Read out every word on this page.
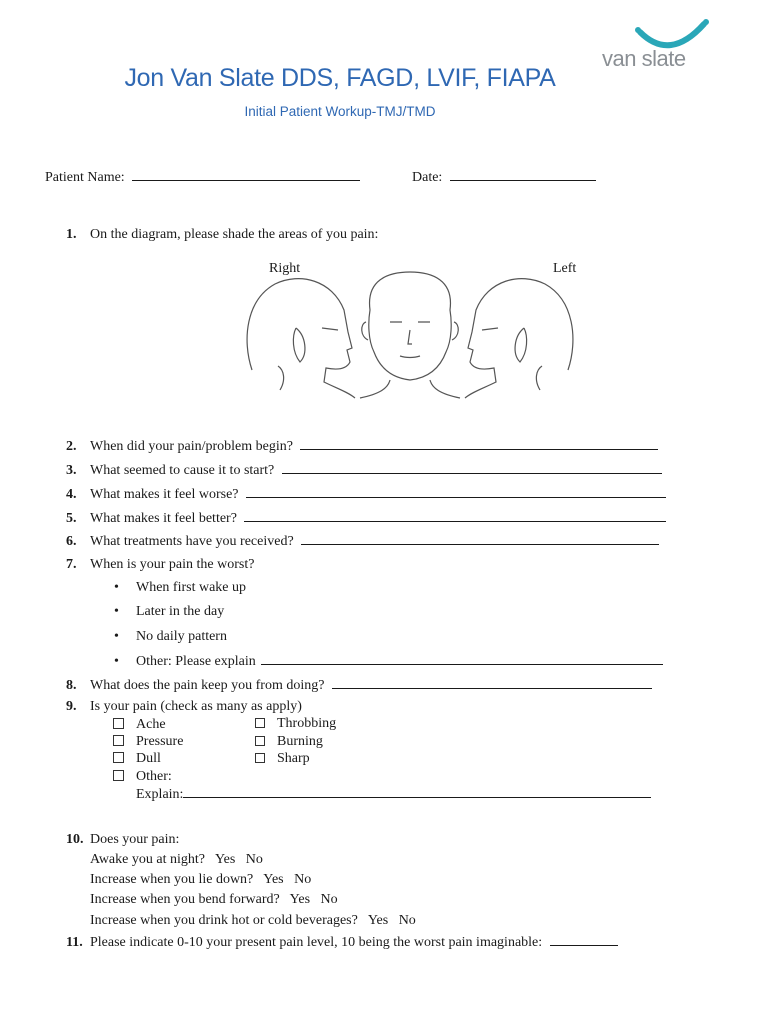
Jon Van Slate DDS, FAGD, LVIF, FIAPA
Initial Patient Workup-TMJ/TMD
van slate
Patient Name:	Date:
1. On the diagram, please shade the areas of you pain:
Right	Left
2. When did your pain/problem begin?
3. What seemed to cause it to start?
4. What makes it feel worse?
5. What makes it feel better?
6. What treatments have you received?
7. When is your pain the worst?
• When first wake up
• Later in the day
• No daily pattern
• Other: Please explain
8. What does the pain keep you from doing?
9. Is your pain (check as many as apply)
Ache
Pressure
Dull
Other:
Throbbing
Burning
Sharp
Explain:
10. Does your pain:
Awake you at night?   Yes   No
Increase when you lie down?   Yes   No
Increase when you bend forward?   Yes   No
Increase when you drink hot or cold beverages?   Yes   No
11. Please indicate 0-10 your present pain level, 10 being the worst pain imaginable:
